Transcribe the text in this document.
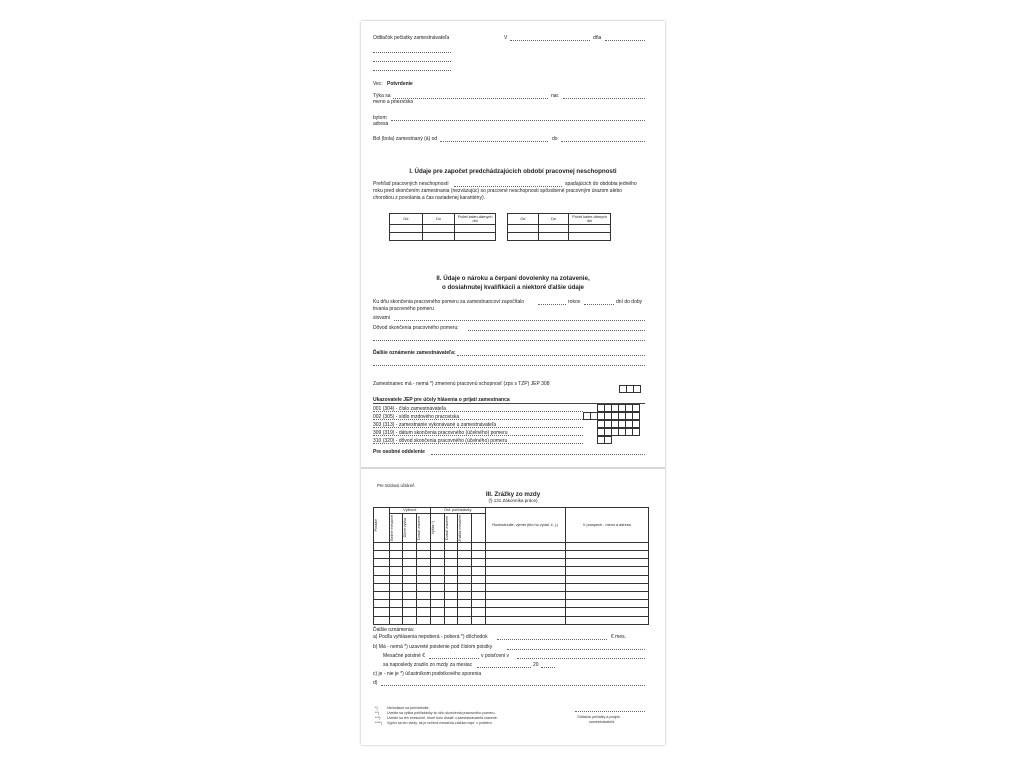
Odtlačok pečiatky zamestnávateľa	V	dňa
Vec: Potvrdenie
Týka sa
meno a priezvisko
nar.
bytom
adresa
Bol (bola) zamestnaný (á) od	do
I. Údaje pre započet predchádzajúcich období pracovnej neschopnosti
Prehľad pracovných neschopností	spadajúcich do obdobia jedného
roku pred skončením zamestnania (nezväzujúc) so pracovné neschopnosti spôsobené pracovným úrazom alebo
chorobou z povolania a čas nariadenej karantény).
Od	Do	Počet kalen-dárnych dní

Od	Do	Počet kalen-dárnych dní

II. Údaje o nároku a čerpaní dovolenky na zotavenie,
o dosiahnutej kvalifikácii a niektoré ďalšie údaje
Ku dňu skončenia pracovného pomeru sa zamestnancovi započítalo	rokov	dní do doby
trvania pracovného pomeru
slovami
Dôvod skončenia pracovného pomeru:
Ďalšie oznámenie zamestnávateľa:
Zamestnanec má - nemá *) zmenenú pracovnú schopnosť (zps s TZP) JEP 308

Ukazovatele JEP pre účely hlásenia o prijatí zamestnanca
001 (304) - číslo zamestnávateľa
002 (305) - sídlo mzdového pracoviska
303 (313) - zamestnanie vykonávané u zamestnávateľa
309 (319) - dátum skončenia pracovného (účelného) pomeru
310 (320) - dôvod skončenia pracovného (účelného) pomeru

Pre osobné oddelenie
Pre mzdovú účtáreň
III. Zrážky zo mzdy
(§ 131 Zákonníka práce)
Poradie	Výživné			Ost. pohľadávky				Rozhodnutie, výmer (kto ho vydal, č. j.)	V prospech - meno a adresa

	Bežné mesačné	Dlžné výška	Dosiaľ zrazené	Výška *)	Dosiaľ zrazené	Zrážka mesačne			

Ďalšie oznámenia:
a) Podľa vyhlásenia nepoberá - poberá *) dôchodok	€ mes.
b) Má - nemá *) uzavreté poistenie pod číslom poistky
Mesačné poistné €	v poisťovni v
sa naposledy zrazilo zo mzdy za mesiac	20
c) je - nie je *) účastníkom podnikového sporenia
d)
*)
**)
***)
****)
Nehodiace sa prečiarknite.
Uvedie sa výška pohľadávky ku dňu skončenia pracovného pomeru.
Uvedie sa len exekučné, ktoré bolo dosiaľ u zamestnávateľa zrazené.
Vyplní sa len vtedy, ak je určená mesačná zrážka mzpr. v poistení.
Odtlačok pečiatky a podpis
zamestnávateľa
